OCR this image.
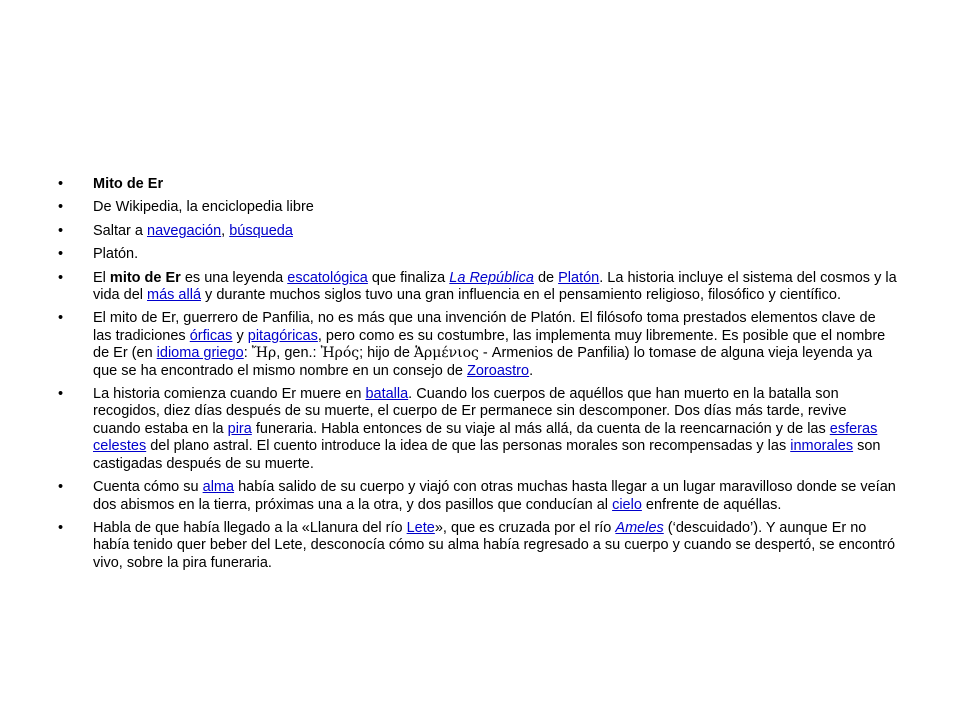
•	Mito de Er
•	De Wikipedia, la enciclopedia libre
•	Saltar a navegación, búsqueda
•	Platón.
•	El mito de Er es una leyenda escatológica que finaliza La República de Platón. La historia incluye el sistema del cosmos y la vida del más allá y durante muchos siglos tuvo una gran influencia en el pensamiento religioso, filosófico y científico.
•	El mito de Er, guerrero de Panfilia, no es más que una invención de Platón. El filósofo toma prestados elementos clave de las tradiciones órficas y pitagóricas, pero como es su costumbre, las implementa muy libremente. Es posible que el nombre de Er (en idioma griego: Ἤρ, gen.: Ἠρός; hijo de Ἁρμένιος - Armenios de Panfilia) lo tomase de alguna vieja leyenda ya que se ha encontrado el mismo nombre en un consejo de Zoroastro.
•	La historia comienza cuando Er muere en batalla. Cuando los cuerpos de aquéllos que han muerto en la batalla son recogidos, diez días después de su muerte, el cuerpo de Er permanece sin descomponer. Dos días más tarde, revive cuando estaba en la pira funeraria. Habla entonces de su viaje al más allá, da cuenta de la reencarnación y de las esferas celestes del plano astral. El cuento introduce la idea de que las personas morales son recompensadas y las inmorales son castigadas después de su muerte.
•	Cuenta cómo su alma había salido de su cuerpo y viajó con otras muchas hasta llegar a un lugar maravilloso donde se veían dos abismos en la tierra, próximas una a la otra, y dos pasillos que conducían al cielo enfrente de aquéllas.
•	Habla de que había llegado a la «Llanura del río Lete», que es cruzada por el río Ameles (‘descuidado’). Y aunque Er no había tenido quer beber del Lete, desconocía cómo su alma había regresado a su cuerpo y cuando se despertó, se encontró vivo, sobre la pira funeraria.
